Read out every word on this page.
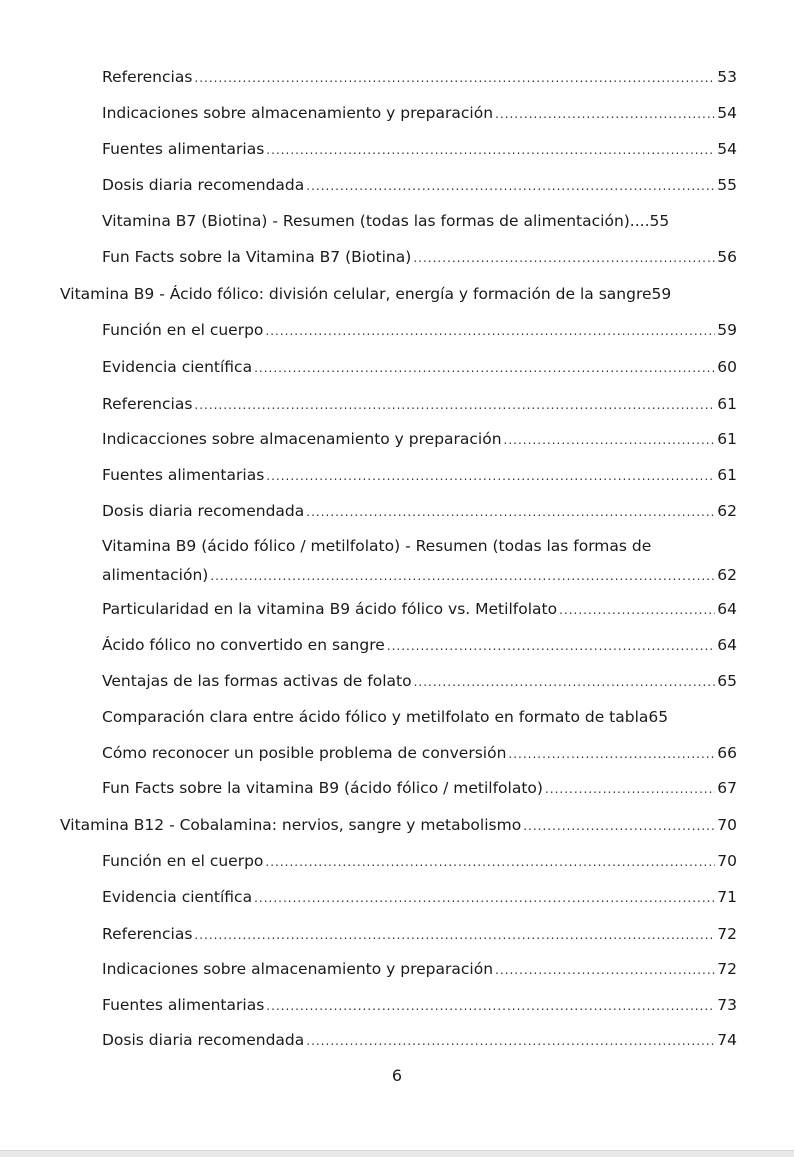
Referencias .....	53
Indicaciones sobre almacenamiento y preparación .....	54
Fuentes alimentarias .....	54
Dosis diaria recomendada .....	55
Vitamina B7 (Biotina) - Resumen (todas las formas de alimentación).... 55
Fun Facts sobre la Vitamina B7 (Biotina) .....	56
Vitamina B9 - Ácido fólico: división celular, energía y formación de la sangre 59
Función en el cuerpo .....	59
Evidencia científica .....	60
Referencias .....	61
Indicacciones sobre almacenamiento y preparación .....	61
Fuentes alimentarias .....	61
Dosis diaria recomendada .....	62
Vitamina B9 (ácido fólico / metilfolato) - Resumen (todas las formas de
alimentación) .....	62
Particularidad en la vitamina B9 ácido fólico vs. Metilfolato .....	64
Ácido fólico no convertido en sangre .....	64
Ventajas de las formas activas de folato .....	65
Comparación clara entre ácido fólico y metilfolato en formato de tabla 65
Cómo reconocer un posible problema de conversión .....	66
Fun Facts sobre la vitamina B9 (ácido fólico / metilfolato) .....	67
Vitamina B12 - Cobalamina: nervios, sangre y metabolismo .....	70
Función en el cuerpo .....	70
Evidencia científica .....	71
Referencias .....	72
Indicaciones sobre almacenamiento y preparación .....	72
Fuentes alimentarias .....	73
Dosis diaria recomendada .....	74
6
